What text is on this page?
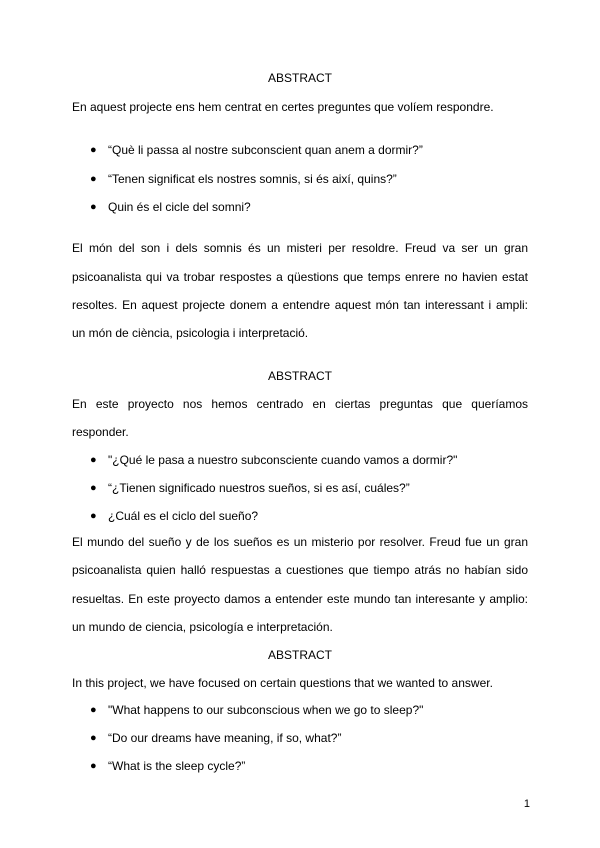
ABSTRACT
En aquest projecte ens hem centrat en certes preguntes que volíem respondre.
● “Què li passa al nostre subconscient quan anem a dormir?”
● “Tenen significat els nostres somnis, si és així, quins?”
● Quin és el cicle del somni?
El món del son i dels somnis és un misteri per resoldre. Freud va ser un gran
psicoanalista qui va trobar respostes a qüestions que temps enrere no havien estat
resoltes. En aquest projecte donem a entendre aquest món tan interessant i ampli:
un món de ciència, psicologia i interpretació.
ABSTRACT
En este proyecto nos hemos centrado en ciertas preguntas que queríamos
responder.
● "¿Qué le pasa a nuestro subconsciente cuando vamos a dormir?"
● “¿Tienen significado nuestros sueños, si es así, cuáles?”
● ¿Cuál es el ciclo del sueño?
El mundo del sueño y de los sueños es un misterio por resolver. Freud fue un gran
psicoanalista quien halló respuestas a cuestiones que tiempo atrás no habían sido
resueltas. En este proyecto damos a entender este mundo tan interesante y amplio:
un mundo de ciencia, psicología e interpretación.
ABSTRACT
In this project, we have focused on certain questions that we wanted to answer.
● "What happens to our subconscious when we go to sleep?"
● “Do our dreams have meaning, if so, what?”
● “What is the sleep cycle?”
1
